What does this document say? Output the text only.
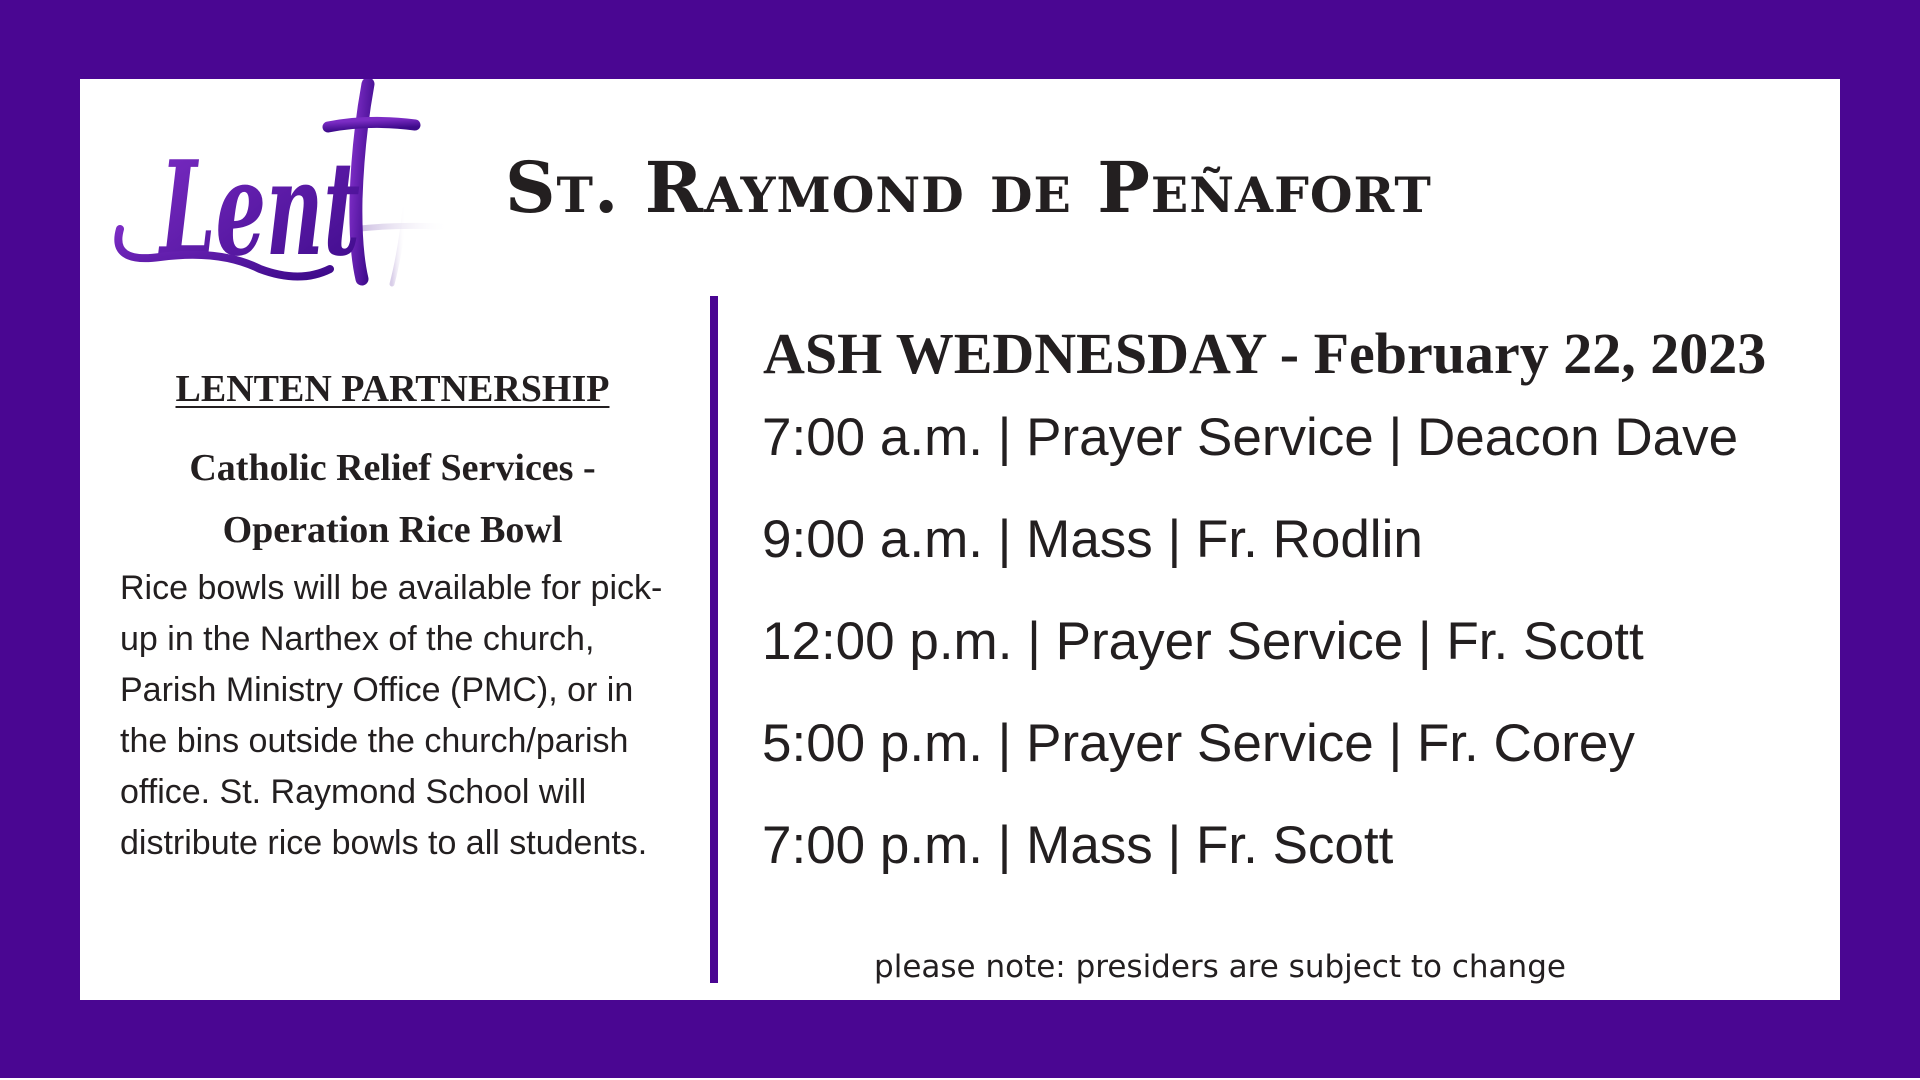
Lent St. Raymond de Peñafort
LENTEN PARTNERSHIP
Catholic Relief Services -
Operation Rice Bowl

Rice bowls will be available for pick-up in the Narthex of the church, Parish Ministry Office (PMC), or in the bins outside the church/parish office. St. Raymond School will distribute rice bowls to all students.

ASH WEDNESDAY - February 22, 2023
7:00 a.m. | Prayer Service | Deacon Dave
9:00 a.m. | Mass | Fr. Rodlin
12:00 p.m. | Prayer Service | Fr. Scott
5:00 p.m. | Prayer Service | Fr. Corey
7:00 p.m. | Mass | Fr. Scott

please note: presiders are subject to change
